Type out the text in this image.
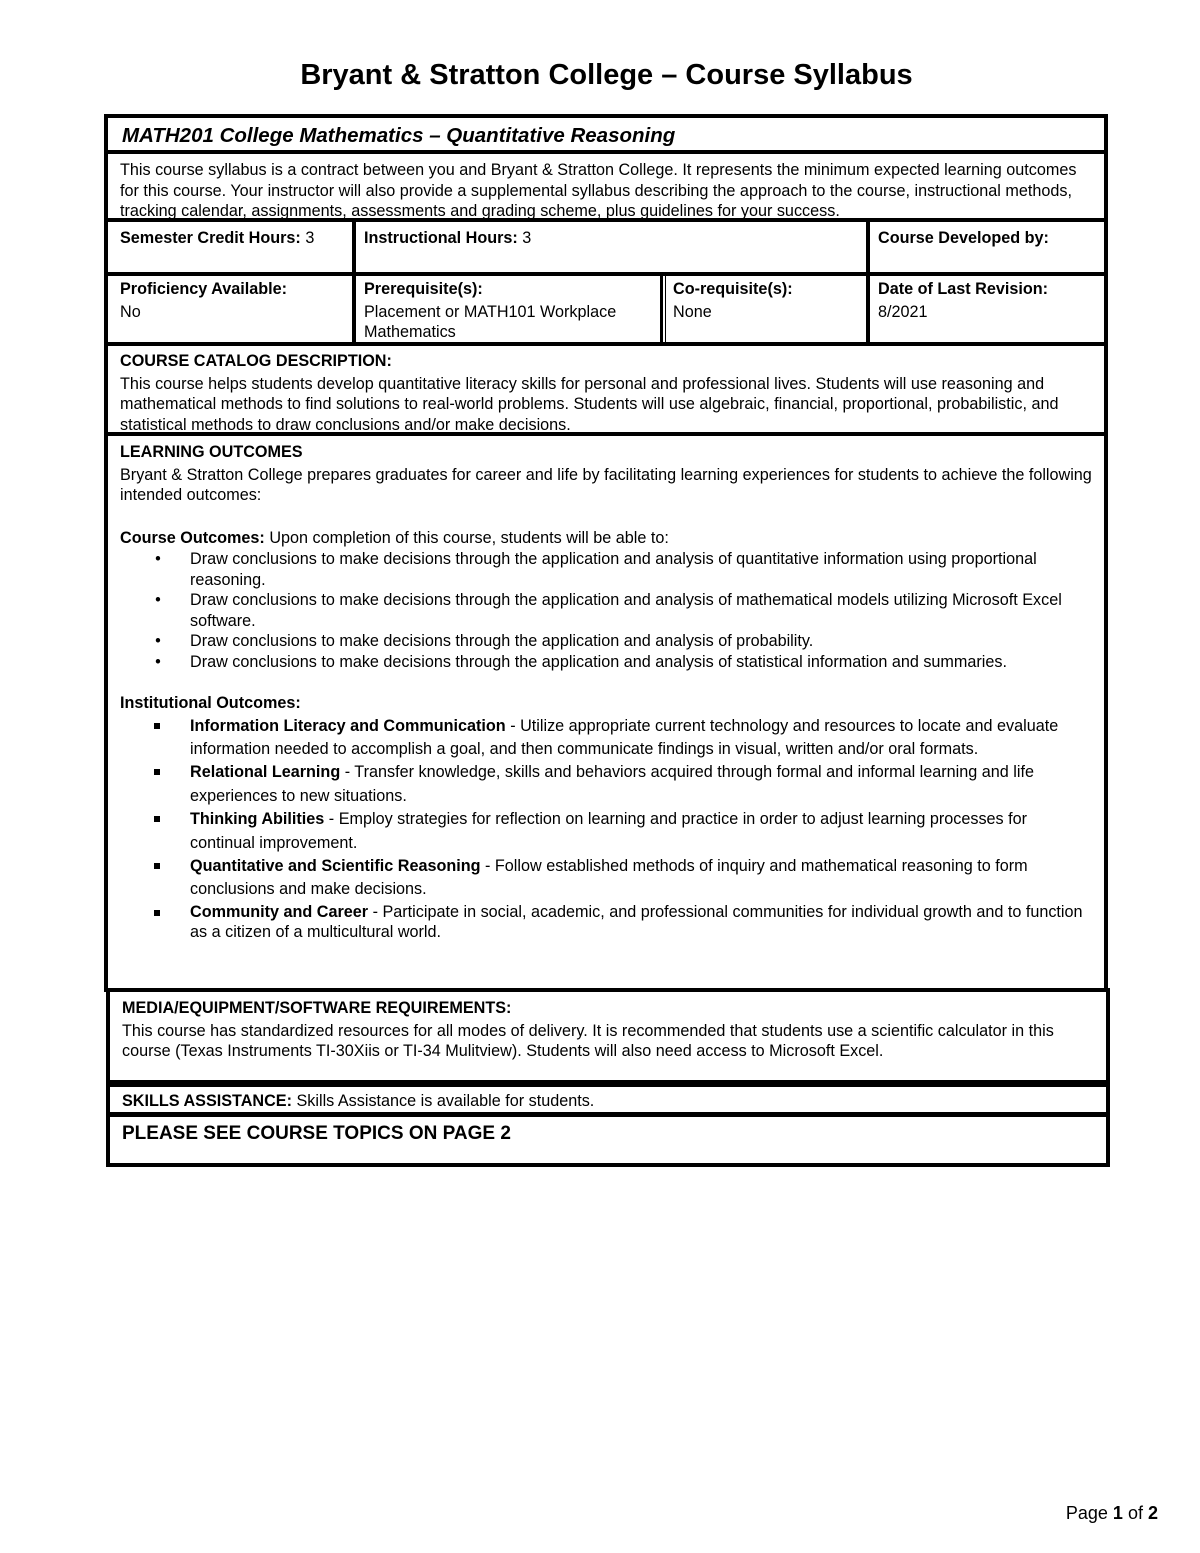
Bryant & Stratton College – Course Syllabus
MATH201 College Mathematics – Quantitative Reasoning
This course syllabus is a contract between you and Bryant & Stratton College. It represents the minimum expected learning outcomes for this course. Your instructor will also provide a supplemental syllabus describing the approach to the course, instructional methods, tracking calendar, assignments, assessments and grading scheme, plus guidelines for your success.
Semester Credit Hours: 3	Instructional Hours: 3	Course Developed by:
Proficiency Available:
No
Prerequisite(s):
Placement or MATH101 Workplace Mathematics
Co-requisite(s):
None
Date of Last Revision:
8/2021
COURSE CATALOG DESCRIPTION:
This course helps students develop quantitative literacy skills for personal and professional lives. Students will use reasoning and mathematical methods to find solutions to real-world problems. Students will use algebraic, financial, proportional, probabilistic, and statistical methods to draw conclusions and/or make decisions.
LEARNING OUTCOMES
Bryant & Stratton College prepares graduates for career and life by facilitating learning experiences for students to achieve the following intended outcomes:
Course Outcomes: Upon completion of this course, students will be able to:
• Draw conclusions to make decisions through the application and analysis of quantitative information using proportional reasoning.
• Draw conclusions to make decisions through the application and analysis of mathematical models utilizing Microsoft Excel software.
• Draw conclusions to make decisions through the application and analysis of probability.
• Draw conclusions to make decisions through the application and analysis of statistical information and summaries.
Institutional Outcomes:
Information Literacy and Communication - Utilize appropriate current technology and resources to locate and evaluate information needed to accomplish a goal, and then communicate findings in visual, written and/or oral formats.
Relational Learning - Transfer knowledge, skills and behaviors acquired through formal and informal learning and life experiences to new situations.
Thinking Abilities - Employ strategies for reflection on learning and practice in order to adjust learning processes for continual improvement.
Quantitative and Scientific Reasoning - Follow established methods of inquiry and mathematical reasoning to form conclusions and make decisions.
Community and Career - Participate in social, academic, and professional communities for individual growth and to function as a citizen of a multicultural world.
MEDIA/EQUIPMENT/SOFTWARE REQUIREMENTS:
This course has standardized resources for all modes of delivery. It is recommended that students use a scientific calculator in this course (Texas Instruments TI-30Xiis or TI-34 Mulitview). Students will also need access to Microsoft Excel.
SKILLS ASSISTANCE: Skills Assistance is available for students.
PLEASE SEE COURSE TOPICS ON PAGE 2
Page 1 of 2
